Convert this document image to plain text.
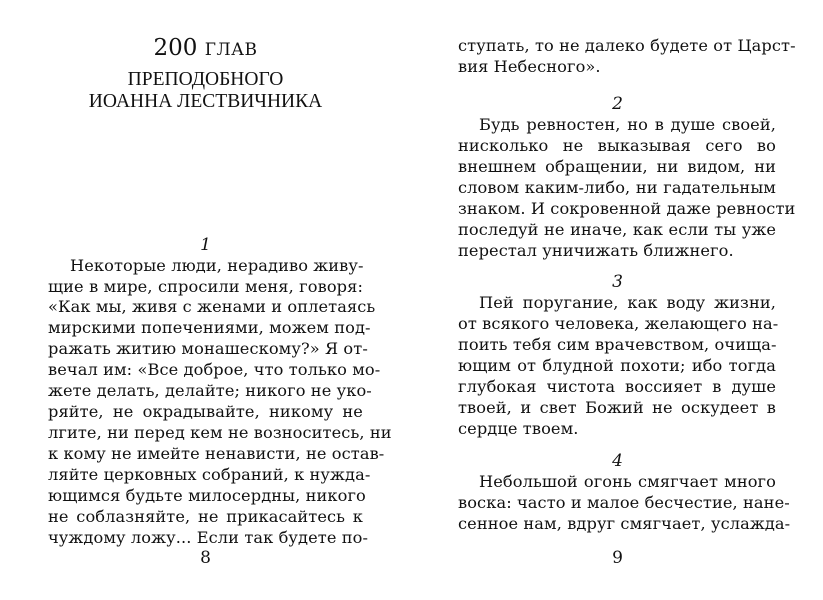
200 ГЛАВ
ПРЕПОДОБНОГО
ИОАННА ЛЕСТВИЧНИКА
1
Некоторые люди, нерадиво живу-
щие в мире, спросили меня, говоря:
«Как мы, живя с женами и оплетаясь
мирскими попечениями, можем под-
ражать житию монашескому?» Я от-
вечал им: «Все доброе, что только мо-
жете делать, делайте; никого не уко-
ряйте, не окрадывайте, никому не
лгите, ни перед кем не возноситесь, ни
к кому не имейте ненависти, не остав-
ляйте церковных собраний, к нужда-
ющимся будьте милосердны, никого
не соблазняйте, не прикасайтесь к
чуждому ложу... Если так будете по-
8
ступать, то не далеко будете от Царст-
вия Небесного».
2
Будь ревностен, но в душе своей,
нисколько не выказывая сего во
внешнем обращении, ни видом, ни
словом каким-либо, ни гадательным
знаком. И сокровенной даже ревности
последуй не иначе, как если ты уже
перестал уничижать ближнего.
3
Пей поругание, как воду жизни,
от всякого человека, желающего на-
поить тебя сим врачевством, очища-
ющим от блудной похоти; ибо тогда
глубокая чистота воссияет в душе
твоей, и свет Божий не оскудеет в
сердце твоем.
4
Небольшой огонь смягчает много
воска: часто и малое бесчестие, нане-
сенное нам, вдруг смягчает, услажда-
9
